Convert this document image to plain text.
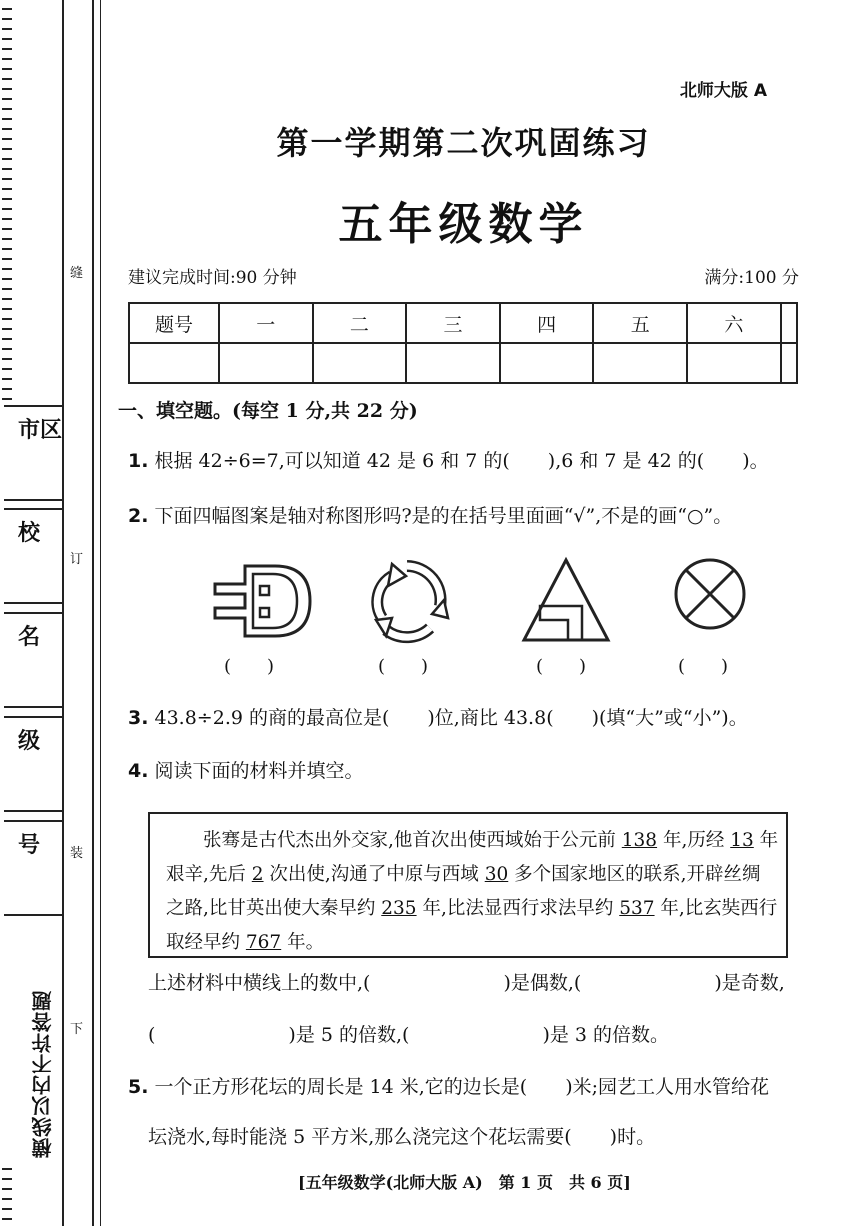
市区
校
名
级
号
缝
订
装
下
横线以内不许答题
北师大版 A
第一学期第二次巩固练习
五年级数学
建议完成时间:90 分钟	满分:100 分
题号	一	二	三	四	五	六	

一、填空题。(每空 1 分,共 22 分)
1. 根据 42÷6=7,可以知道 42 是 6 和 7 的(　　),6 和 7 是 42 的(　　)。
2. 下面四幅图案是轴对称图形吗?是的在括号里面画“√”,不是的画“○”。
(　　)	(　　)	(　　)	(　　)
3. 43.8÷2.9 的商的最高位是(　　)位,商比 43.8(　　)(填“大”或“小”)。
4. 阅读下面的材料并填空。
张骞是古代杰出外交家,他首次出使西域始于公元前 138 年,历经 13 年
艰辛,先后 2 次出使,沟通了中原与西域 30 多个国家地区的联系,开辟丝绸
之路,比甘英出使大秦早约 235 年,比法显西行求法早约 537 年,比玄奘西行
取经早约 767 年。
上述材料中横线上的数中,(　　　　　　　)是偶数,(　　　　　　　)是奇数,
(　　　　　　　)是 5 的倍数,(　　　　　　　)是 3 的倍数。
5. 一个正方形花坛的周长是 14 米,它的边长是(　　)米;园艺工人用水管给花
坛浇水,每时能浇 5 平方米,那么浇完这个花坛需要(　　)时。
[五年级数学(北师大版 A)　第 1 页　共 6 页]
